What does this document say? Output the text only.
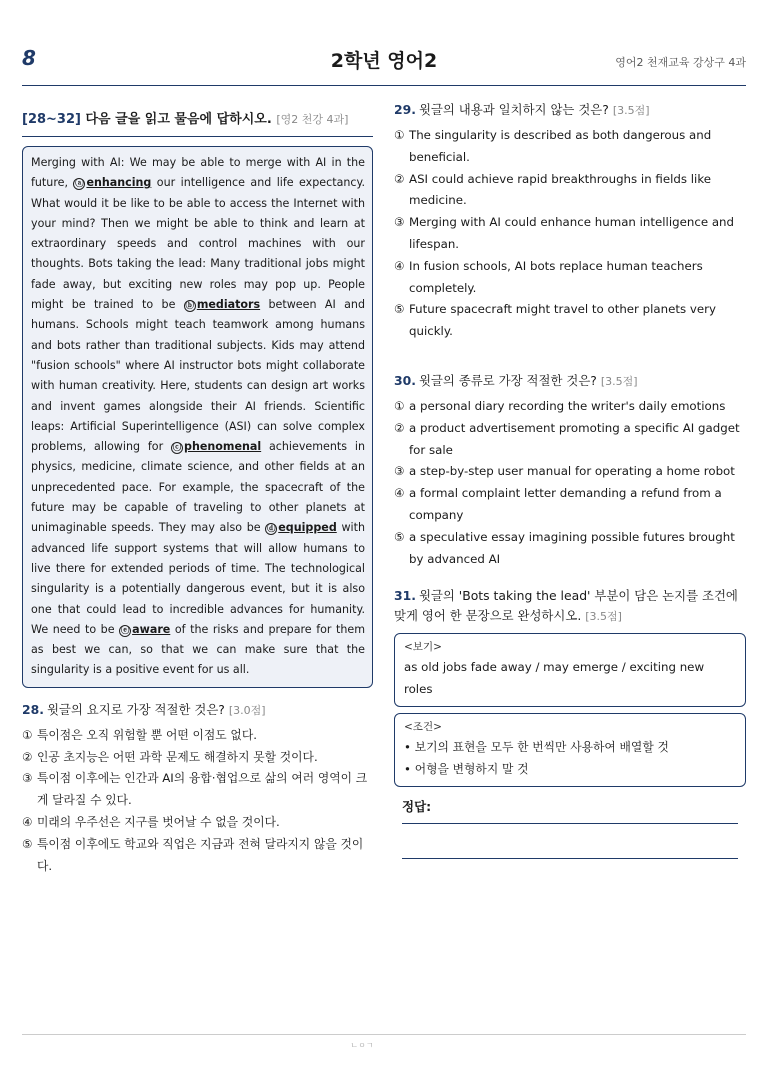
8	2학년 영어2	영어2 천재교육 강상구 4과
[28~32] 다음 글을 읽고 물음에 답하시오. [영2 천강 4과]
Merging with AI: We may be able to merge with AI in the future, ⓐ enhancing our intelligence and life expectancy. What would it be like to be able to access the Internet with your mind? Then we might be able to think and learn at extraordinary speeds and control machines with our thoughts. Bots taking the lead: Many traditional jobs might fade away, but exciting new roles may pop up. People might be trained to be ⓑ mediators between AI and humans. Schools might teach teamwork among humans and bots rather than traditional subjects. Kids may attend "fusion schools" where AI instructor bots might collaborate with human creativity. Here, students can design art works and invent games alongside their AI friends. Scientific leaps: Artificial Superintelligence (ASI) can solve complex problems, allowing for ⓒ phenomenal achievements in physics, medicine, climate science, and other fields at an unprecedented pace. For example, the spacecraft of the future may be capable of traveling to other planets at unimaginable speeds. They may also be ⓓ equipped with advanced life support systems that will allow humans to live there for extended periods of time. The technological singularity is a potentially dangerous event, but it is also one that could lead to incredible advances for humanity. We need to be ⓔ aware of the risks and prepare for them as best we can, so that we can make sure that the singularity is a positive event for us all.
28. 윗글의 요지로 가장 적절한 것은? [3.0점]
① 특이점은 오직 위험할 뿐 어떤 이점도 없다.
② 인공 초지능은 어떤 과학 문제도 해결하지 못할 것이다.
③ 특이점 이후에는 인간과 AI의 융합·협업으로 삶의 여러 영역이 크게 달라질 수 있다.
④ 미래의 우주선은 지구를 벗어날 수 없을 것이다.
⑤ 특이점 이후에도 학교와 직업은 지금과 전혀 달라지지 않을 것이다.
29. 윗글의 내용과 일치하지 않는 것은? [3.5점]
① The singularity is described as both dangerous and beneficial.
② ASI could achieve rapid breakthroughs in fields like medicine.
③ Merging with AI could enhance human intelligence and lifespan.
④ In fusion schools, AI bots replace human teachers completely.
⑤ Future spacecraft might travel to other planets very quickly.
30. 윗글의 종류로 가장 적절한 것은? [3.5점]
① a personal diary recording the writer's daily emotions
② a product advertisement promoting a specific AI gadget for sale
③ a step-by-step user manual for operating a home robot
④ a formal complaint letter demanding a refund from a company
⑤ a speculative essay imagining possible futures brought by advanced AI
31. 윗글의 'Bots taking the lead' 부분이 담은 논지를 조건에 맞게 영어 한 문장으로 완성하시오. [3.5점]
<보기>
as old jobs fade away / may emerge / exciting new roles
<조건>
• 보기의 표현을 모두 한 번씩만 사용하여 배열할 것
• 어형을 변형하지 말 것
정답:
ㄴㅇㄱ
